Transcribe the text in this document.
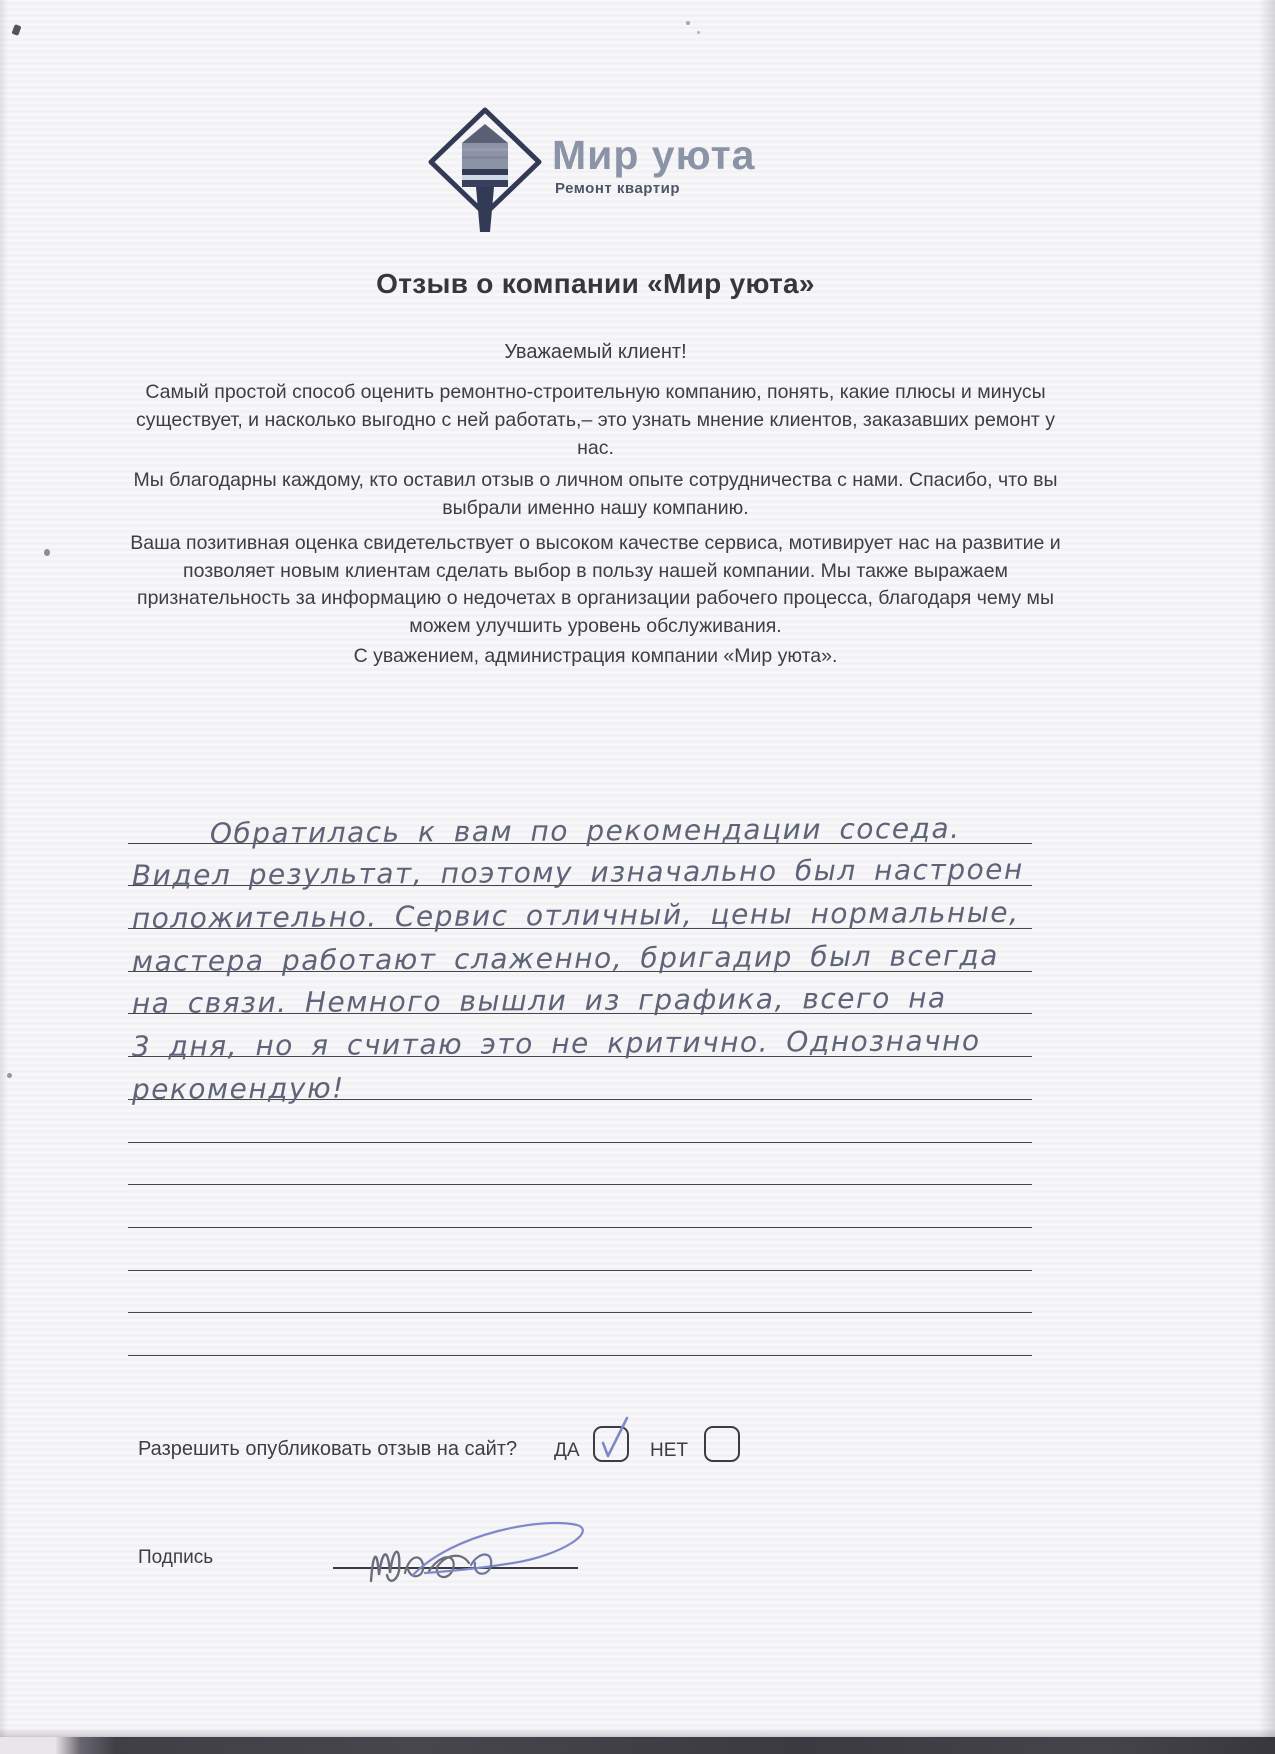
Мир уюта
Ремонт квартир
Отзыв о компании «Мир уюта»
Уважаемый клиент!

Самый простой способ оценить ремонтно-строительную компанию, понять, какие плюсы и минусы существует, и насколько выгодно с ней работать,– это узнать мнение клиентов, заказавших ремонт у нас.

Мы благодарны каждому, кто оставил отзыв о личном опыте сотрудничества с нами. Спасибо, что вы выбрали именно нашу компанию.

Ваша позитивная оценка свидетельствует о высоком качестве сервиса, мотивирует нас на развитие и позволяет новым клиентам сделать выбор в пользу нашей компании. Мы также выражаем признательность за информацию о недочетах в организации рабочего процесса, благодаря чему мы можем улучшить уровень обслуживания.

С уважением, администрация компании «Мир уюта».
Обратилась к вам по рекомендации соседа.
Видел результат, поэтому изначально был настроен
положительно. Сервис отличный, цены нормальные,
мастера работают слаженно, бригадир был всегда
на связи. Немного вышли из графика, всего на
3 дня, но я считаю это не критично. Однозначно
рекомендую!
Разрешить опубликовать отзыв на сайт? ДА	НЕТ
Подпись
